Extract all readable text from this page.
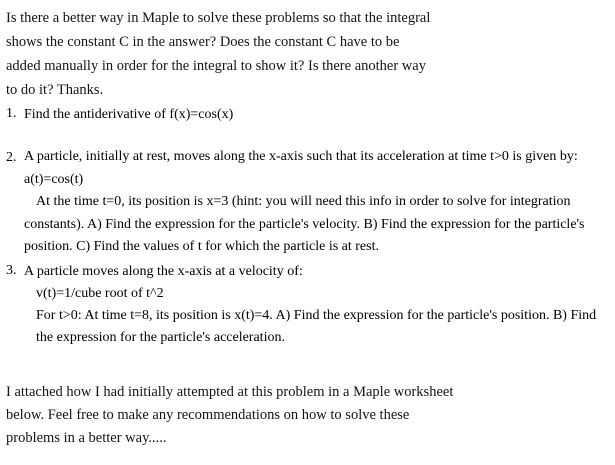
Is there a better way in Maple to solve these problems so that the integral

shows the constant C in the answer? Does the constant C have to be

added manually in order for the integral to show it? Is there another way

to do it? Thanks.

1. Find the antiderivative of f(x)=cos(x)
2. A particle, initially at rest, moves along the x-axis such that its acceleration at time t>0 is given by:
a(t)=cos(t)
At the time t=0, its position is x=3 (hint: you will need this info in order to solve for integration
constants). A) Find the expression for the particle's velocity. B) Find the expression for the particle's
position. C) Find the values of t for which the particle is at rest.
3. A particle moves along the x-axis at a velocity of:
v(t)=1/cube root of t^2
For t>0: At time t=8, its position is x(t)=4. A) Find the expression for the particle's position. B) Find
the expression for the particle's acceleration.

I attached how I had initially attempted at this problem in a Maple worksheet

below. Feel free to make any recommendations on how to solve these

problems in a better way.....
